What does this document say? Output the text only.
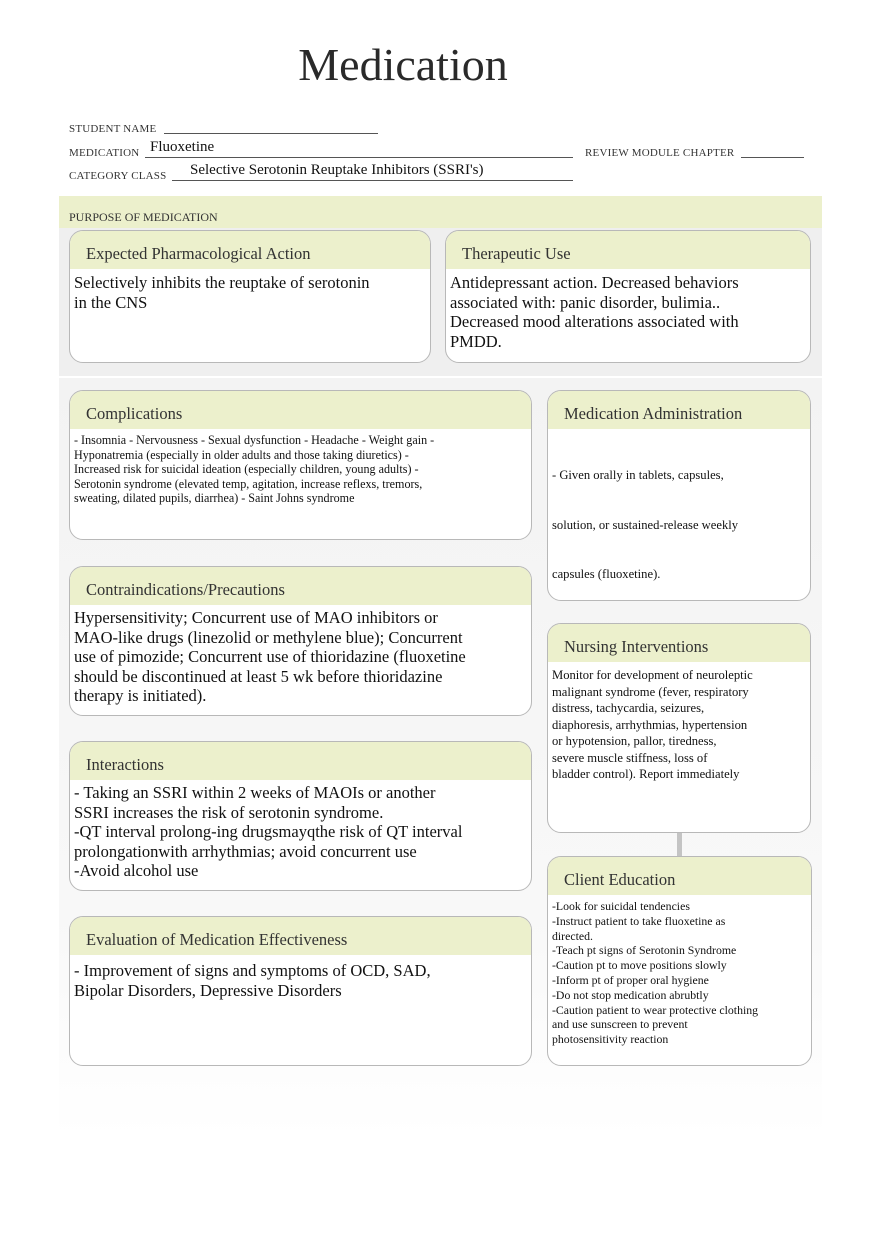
Medication
STUDENT NAME
MEDICATION Fluoxetine	REVIEW MODULE CHAPTER
CATEGORY CLASS Selective Serotonin Reuptake Inhibitors (SSRI's)
PURPOSE OF MEDICATION
Expected Pharmacological Action
Selectively inhibits the reuptake of serotonin
in the CNS
Therapeutic Use
Antidepressant action. Decreased behaviors
associated with: panic disorder, bulimia..
Decreased mood alterations associated with
PMDD.
Complications
- Insomnia - Nervousness - Sexual dysfunction - Headache - Weight gain -
Hyponatremia (especially in older adults and those taking diuretics) -
Increased risk for suicidal ideation (especially children, young adults) -
Serotonin syndrome (elevated temp, agitation, increase reflexs, tremors,
sweating, dilated pupils, diarrhea) - Saint Johns syndrome
Medication Administration

- Given orally in tablets, capsules,

solution, or sustained-release weekly

capsules (fluoxetine).

Contraindications/Precautions
Hypersensitivity; Concurrent use of MAO inhibitors or
MAO-like drugs (linezolid or methylene blue); Concurrent
use of pimozide; Concurrent use of thioridazine (fluoxetine
should be discontinued at least 5 wk before thioridazine
therapy is initiated).
Nursing Interventions
Monitor for development of neuroleptic
malignant syndrome (fever, respiratory
distress, tachycardia, seizures,
diaphoresis, arrhythmias, hypertension
or hypotension, pallor, tiredness,
severe muscle stiffness, loss of
bladder control). Report immediately
Interactions
- Taking an SSRI within 2 weeks of MAOIs or another
SSRI increases the risk of serotonin syndrome.
-QT interval prolong-ing drugsmayqthe risk of QT interval
prolongationwith arrhythmias; avoid concurrent use
-Avoid alcohol use	Client Education
-Look for suicidal tendencies
-Instruct patient to take fluoxetine as
directed.
-Teach pt signs of Serotonin Syndrome
-Caution pt to move positions slowly
-Inform pt of proper oral hygiene
-Do not stop medication abrubtly
-Caution patient to wear protective clothing
and use sunscreen to prevent
photosensitivity reaction
Evaluation of Medication Effectiveness
- Improvement of signs and symptoms of OCD, SAD,
Bipolar Disorders, Depressive Disorders
